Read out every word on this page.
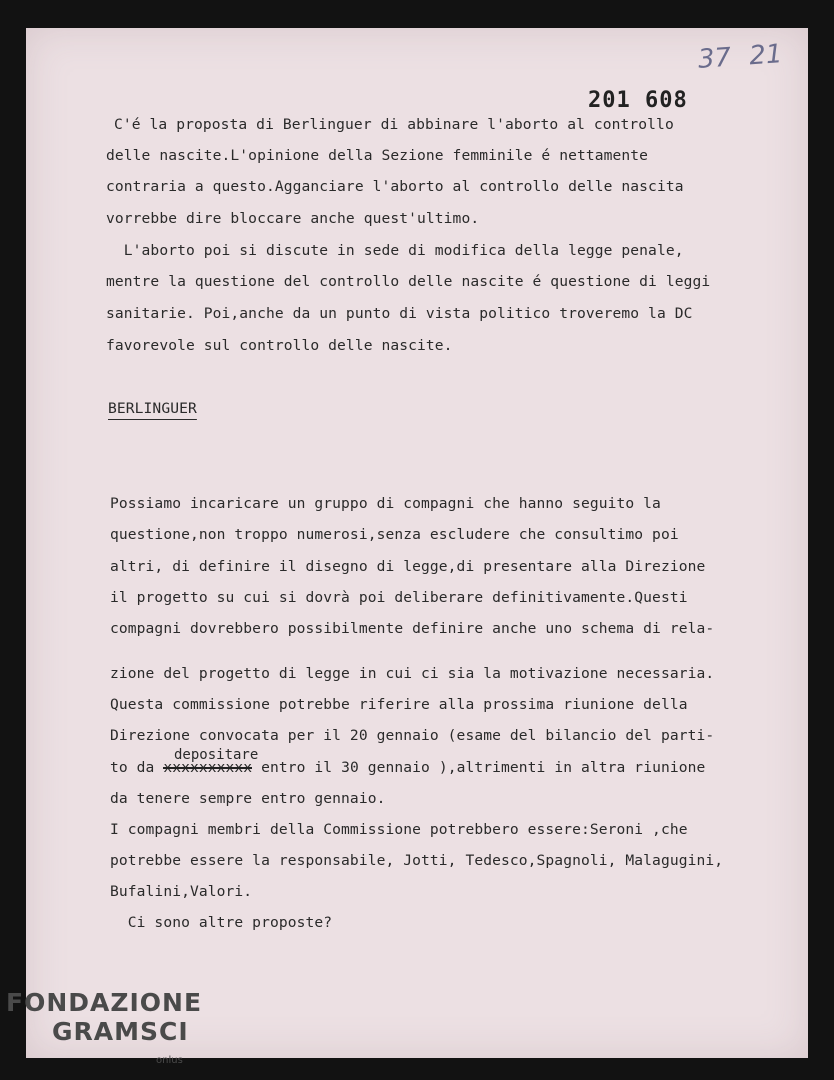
37 21
201 608
C'é la proposta di Berlinguer di abbinare l'aborto al controllo
delle nascite.L'opinione della Sezione femminile é nettamente
contraria a questo.Agganciare l'aborto al controllo delle nascita
vorrebbe dire bloccare anche quest'ultimo.
L'aborto poi si discute in sede di modifica della legge penale,
mentre la questione del controllo delle nascite é questione di leggi
sanitarie. Poi,anche da un punto di vista politico troveremo la DC
favorevole sul controllo delle nascite.
BERLINGUER
Possiamo incaricare un gruppo di compagni che hanno seguito la
questione,non troppo numerosi,senza escludere che consultimo poi
altri, di definire il disegno di legge,di presentare alla Direzione
il progetto su cui si dovrà poi deliberare definitivamente.Questi
compagni dovrebbero possibilmente definire anche uno schema di rela-
zione del progetto di legge in cui ci sia la motivazione necessaria.
Questa commissione potrebbe riferire alla prossima riunione della
Direzione convocata per il 20 gennaio (esame del bilancio del parti-
depositare
to da xxxxxxxxxx entro il 30 gennaio ),altrimenti in altra riunione
da tenere sempre entro gennaio.
I compagni membri della Commissione potrebbero essere:Seroni ,che
potrebbe essere la responsabile, Jotti, Tedesco,Spagnoli, Malagugini,
Bufalini,Valori.
Ci sono altre proposte?
FONDAZIONE
GRAMSCI
onlus
